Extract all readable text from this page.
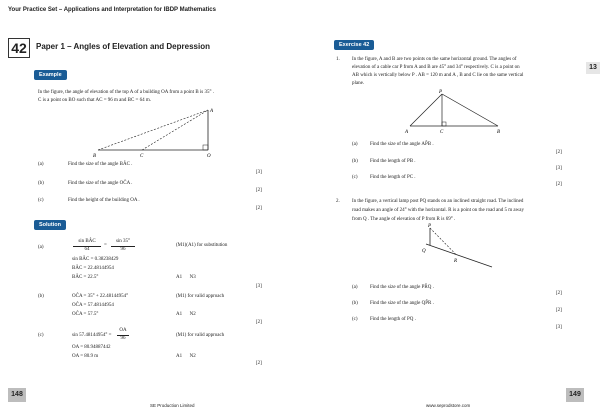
Your Practice Set – Applications and Interpretation for IBDP Mathematics
42	Paper 1 – Angles of Elevation and Depression
Example
In the figure, the angle of elevation of the top A of a building OA from a point B is 35° .
C is a point on BO such that AC = 96 m and BC = 64 m.
A
B	C	O
(a)	Find the size of the angle BÂC .
[3]
(b)	Find the size of the angle OĈA .
[2]
(c)	Find the height of the building OA .
[2]
Solution
(a)
sin BÂC
64
=
sin 35°
96
(M1)(A1) for substitution
sin BÂC = 0.38238429
BÂC = 22.48144954
BÂC = 22.5°	A1      N3
[3]
(b)	OĈA = 35° + 22.48144954°	(M1) for valid approach
OĈA = 57.48144954
OĈA = 57.5°	A1      N2
[2]
(c)	sin 57.48144954° =
OA
96
(M1) for valid approach
OA = 80.94887442
OA = 80.9 m	A1      N2
[2]
148
SE Production Limited
Exercise 42
13
1. In the figure, A and B are two points on the same horizontal ground. The angles of
elevation of a cable car P from A and B are 45° and 34° respectively. C is a point on
AB which is vertically below P . AB = 120 m and A , B and C lie on the same vertical
plane.
P
A	C	B
(a) Find the size of the angle AP̂B .
[2]
(b) Find the length of PB .
[3]
(c) Find the length of PC .
[2]
2. In the figure, a vertical lamp post PQ stands on an inclined straight road. The inclined
road makes an angle of 24° with the horizontal. R is a point on the road and 5 m away
from Q . The angle of elevation of P from R is 69° .
P
Q
R
(a) Find the size of the angle PR̂Q .
[2]
(b) Find the size of the angle QP̂R .
[2]
(c) Find the length of PQ .
[3]
149
www.seprodstore.com
